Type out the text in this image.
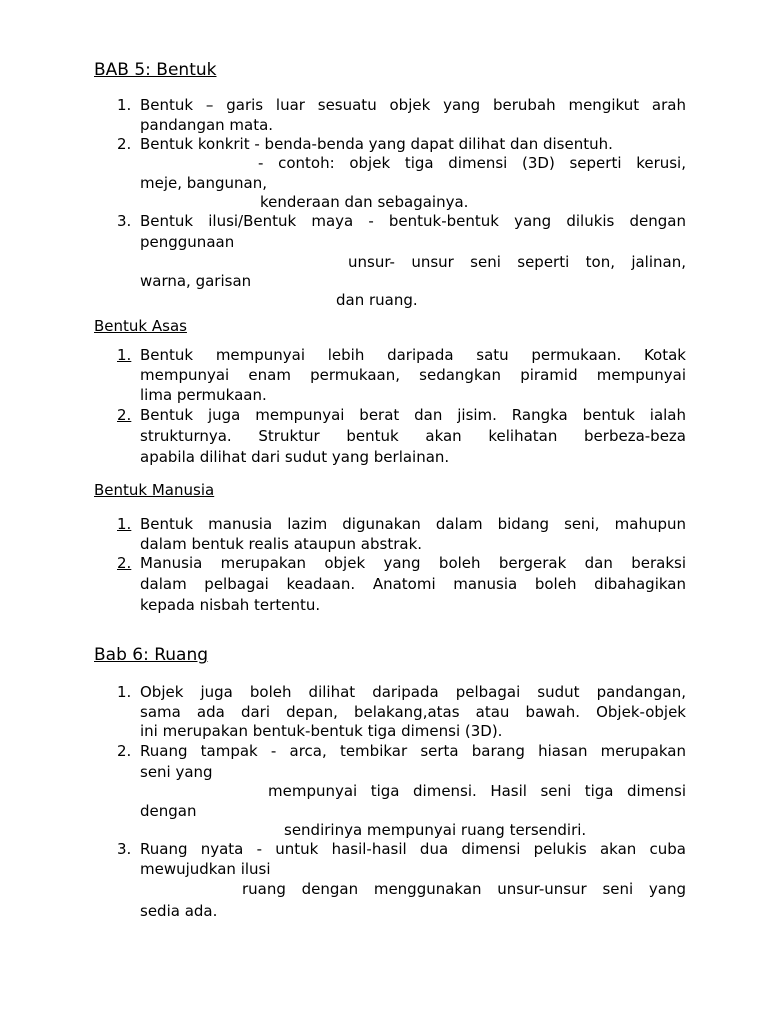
BAB 5: Bentuk
1. Bentuk – garis luar sesuatu objek yang berubah mengikut arah
pandangan mata.
2. Bentuk konkrit - benda-benda yang dapat dilihat dan disentuh.
- contoh: objek tiga dimensi (3D) seperti kerusi,
meje, bangunan,
kenderaan dan sebagainya.
3. Bentuk ilusi/Bentuk maya - bentuk-bentuk yang dilukis dengan
penggunaan
unsur- unsur seni seperti ton, jalinan,
warna, garisan
dan ruang.
Bentuk Asas
1. Bentuk mempunyai lebih daripada satu permukaan. Kotak
mempunyai enam permukaan, sedangkan piramid mempunyai
lima permukaan.
2. Bentuk juga mempunyai berat dan jisim. Rangka bentuk ialah
strukturnya. Struktur bentuk akan kelihatan berbeza-beza
apabila dilihat dari sudut yang berlainan.
Bentuk Manusia
1. Bentuk manusia lazim digunakan dalam bidang seni, mahupun
dalam bentuk realis ataupun abstrak.
2. Manusia merupakan objek yang boleh bergerak dan beraksi
dalam pelbagai keadaan. Anatomi manusia boleh dibahagikan
kepada nisbah tertentu.
Bab 6: Ruang
1. Objek juga boleh dilihat daripada pelbagai sudut pandangan,
sama ada dari depan, belakang,atas atau bawah. Objek-objek
ini merupakan bentuk-bentuk tiga dimensi (3D).
2. Ruang tampak - arca, tembikar serta barang hiasan merupakan
seni yang
mempunyai tiga dimensi. Hasil seni tiga dimensi
dengan
sendirinya mempunyai ruang tersendiri.
3. Ruang nyata - untuk hasil-hasil dua dimensi pelukis akan cuba
mewujudkan ilusi
ruang dengan menggunakan unsur-unsur seni yang
sedia ada.
